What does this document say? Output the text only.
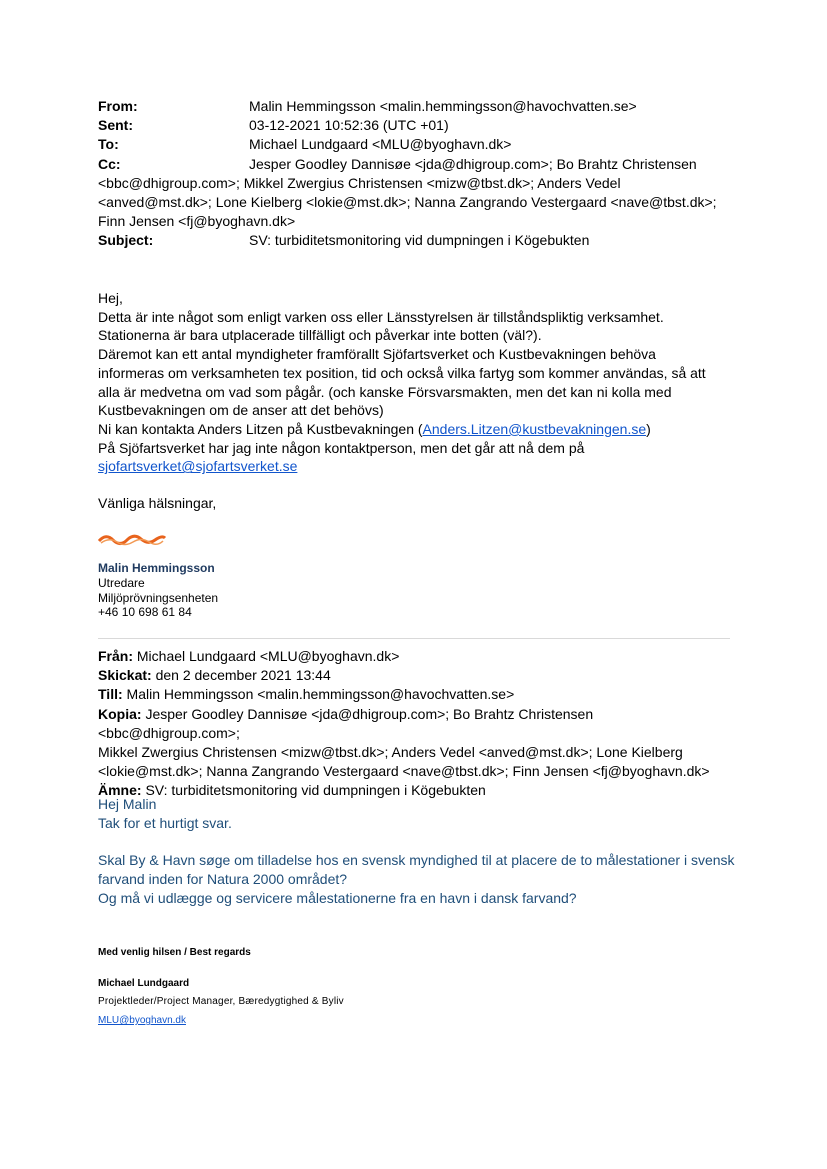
From:	Malin Hemmingsson <malin.hemmingsson@havochvatten.se>
Sent:	03-12-2021 10:52:36 (UTC +01)
To:	Michael Lundgaard <MLU@byoghavn.dk>
Cc:	Jesper Goodley Dannisøe <jda@dhigroup.com>; Bo Brahtz Christensen
<bbc@dhigroup.com>; Mikkel Zwergius Christensen <mizw@tbst.dk>; Anders Vedel
<anved@mst.dk>; Lone Kielberg <lokie@mst.dk>; Nanna Zangrando Vestergaard <nave@tbst.dk>;
Finn Jensen <fj@byoghavn.dk>
Subject:	SV: turbiditetsmonitoring vid dumpningen i Kögebukten

Hej,

Detta är inte något som enligt varken oss eller Länsstyrelsen är tillståndspliktig verksamhet.

Stationerna är bara utplacerade tillfälligt och påverkar inte botten (väl?).

Däremot kan ett antal myndigheter framförallt Sjöfartsverket och Kustbevakningen behöva

informeras om verksamheten tex position, tid och också vilka fartyg som kommer användas, så att

alla är medvetna om vad som pågår. (och kanske Försvarsmakten, men det kan ni kolla med

Kustbevakningen om de anser att det behövs)

Ni kan kontakta Anders Litzen på Kustbevakningen (Anders.Litzen@kustbevakningen.se)

På Sjöfartsverket har jag inte någon kontaktperson, men det går att nå dem på

sjofartsverket@sjofartsverket.se

Vänliga hälsningar,
Malin Hemmingsson
Utredare
Miljöprövningsenheten
+46 10 698 61 84
Från: Michael Lundgaard <MLU@byoghavn.dk>
Skickat: den 2 december 2021 13:44
Till: Malin Hemmingsson <malin.hemmingsson@havochvatten.se>
Kopia: Jesper Goodley Dannisøe <jda@dhigroup.com>; Bo Brahtz Christensen <bbc@dhigroup.com>;
Mikkel Zwergius Christensen <mizw@tbst.dk>; Anders Vedel <anved@mst.dk>; Lone Kielberg
<lokie@mst.dk>; Nanna Zangrando Vestergaard <nave@tbst.dk>; Finn Jensen <fj@byoghavn.dk>
Ämne: SV: turbiditetsmonitoring vid dumpningen i Kögebukten

Hej Malin

Tak for et hurtigt svar.

Skal By & Havn søge om tilladelse hos en svensk myndighed til at placere de to målestationer i svensk

farvand inden for Natura 2000 området?

Og må vi udlægge og servicere målestationerne fra en havn i dansk farvand?

Med venlig hilsen / Best regards
Michael Lundgaard
Projektleder/Project Manager, Bæredygtighed & Byliv
MLU@byoghavn.dk
